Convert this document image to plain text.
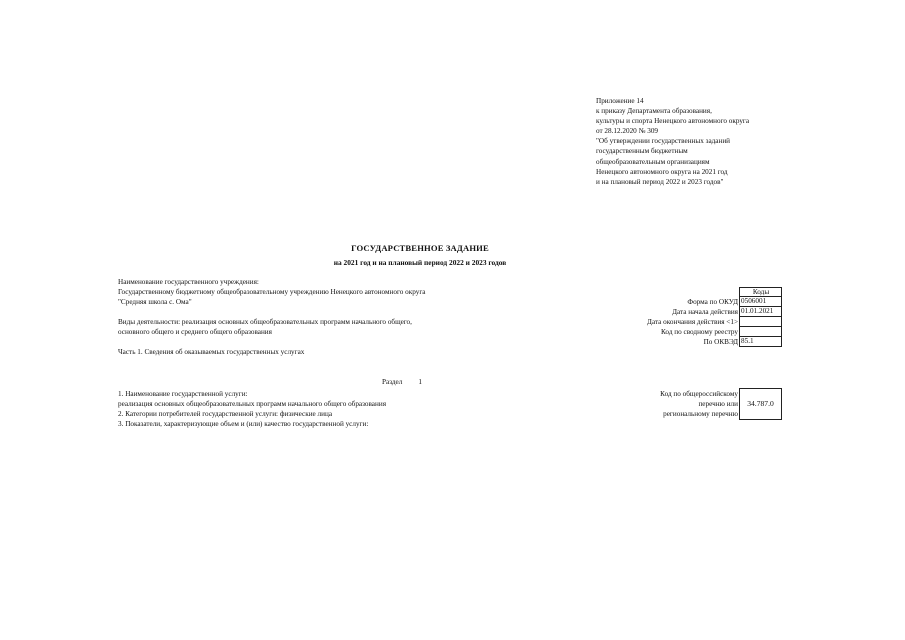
Приложение 14
к приказу Департамента образования,
культуры и спорта Ненецкого автономного округа
от 28.12.2020 № 309
"Об утверждении государственных заданий
государственным бюджетным
общеобразовательным организациям
Ненецкого автономного округа на 2021 год
и на плановый период 2022 и 2023 годов"
ГОСУДАРСТВЕННОЕ ЗАДАНИЕ
на 2021 год и на плановый период 2022 и 2023 годов
Наименование государственного учреждения:
Государственному бюджетному общеобразовательному учреждению Ненецкого автономного округа
"Средняя школа с. Ома"
Виды деятельности: реализация основных общеобразовательных программ начального общего,
основного общего и среднего общего образования
Часть 1. Сведения об оказываемых государственных услугах
Коды
Форма по ОКУД 0506001
Дата начала действия 01.01.2021
Дата окончания действия <1>
Код по сводному реестру
По ОКВЭД 85.1
Раздел 1
1. Наименование государственной услуги:
реализация основных общеобразовательных программ начального общего образования
2. Категории потребителей государственной услуги: физические лица
3. Показатели, характеризующие объем и (или) качество государственной услуги:
Код по общероссийскому
перечню или
региональному перечню
34.787.0
